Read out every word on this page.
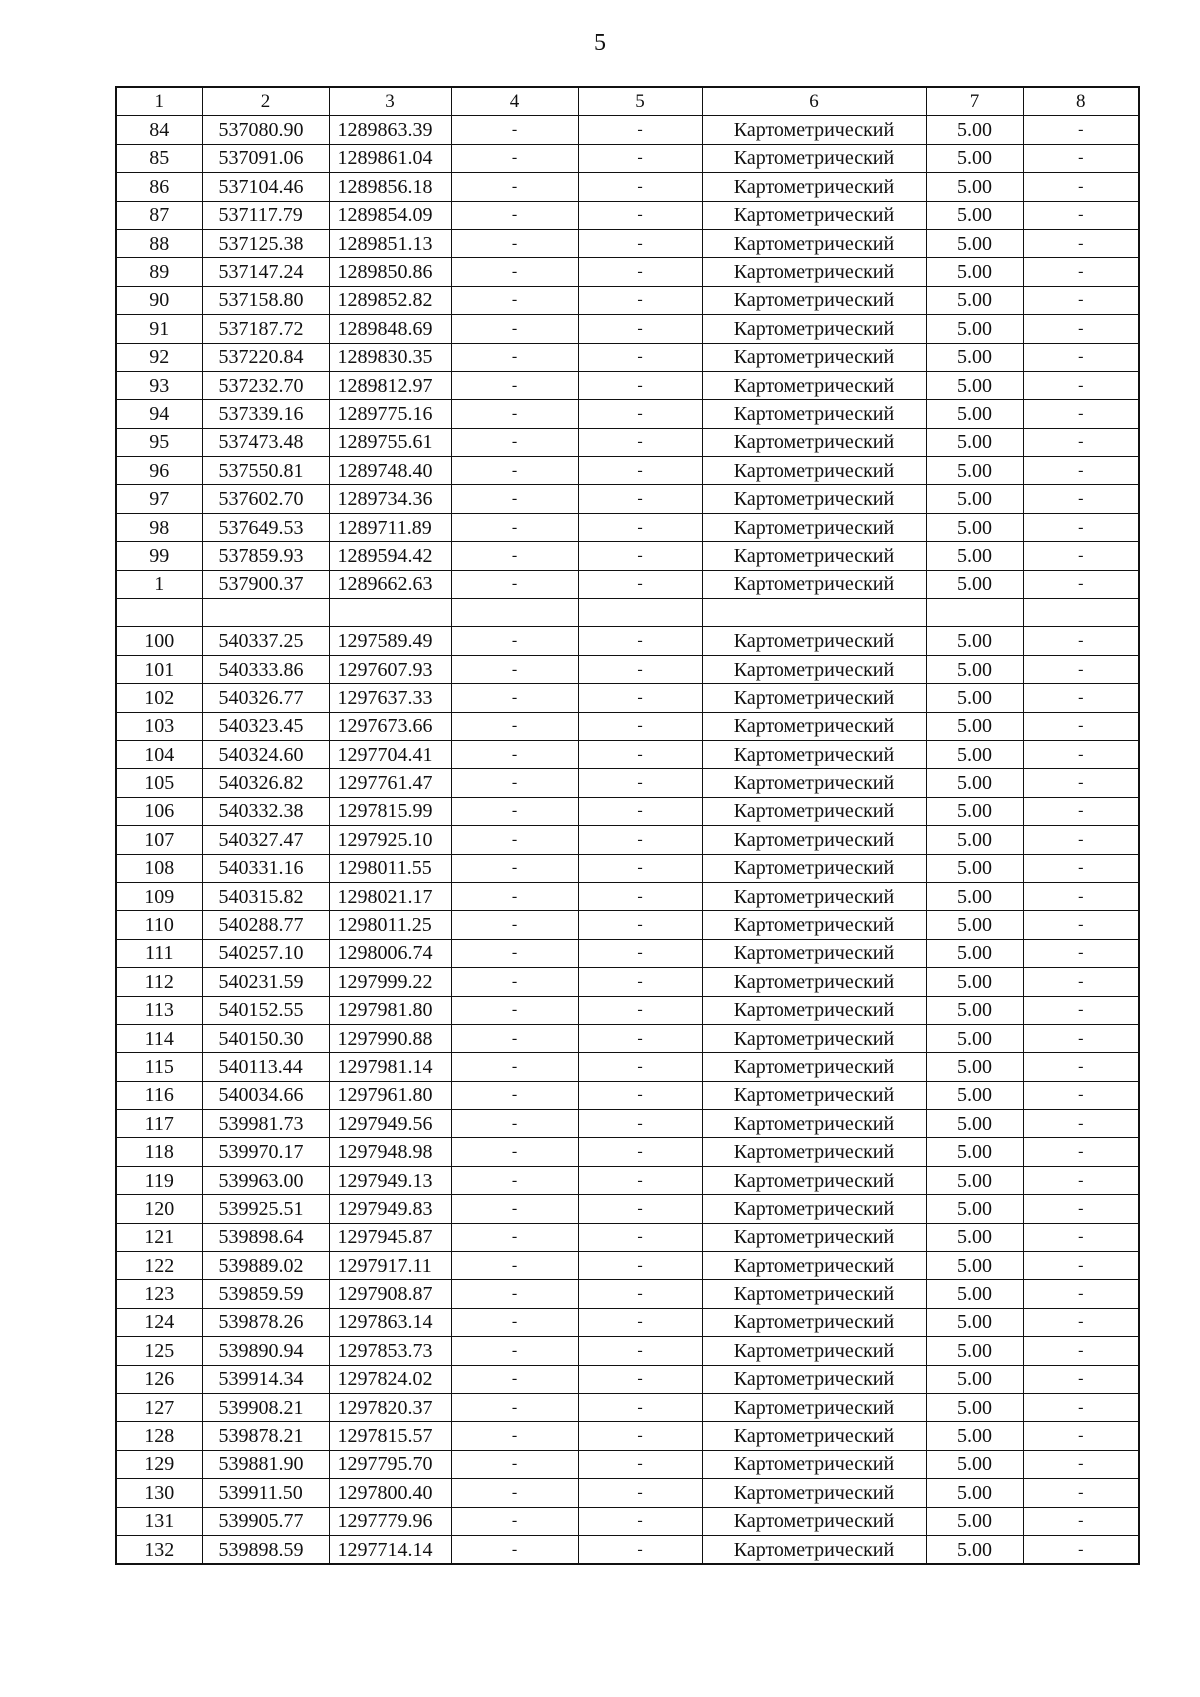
5
1	2	3	4	5	6	7	8
84	537080.90	1289863.39	-	-	Картометрический	5.00	-
85	537091.06	1289861.04	-	-	Картометрический	5.00	-
86	537104.46	1289856.18	-	-	Картометрический	5.00	-
87	537117.79	1289854.09	-	-	Картометрический	5.00	-
88	537125.38	1289851.13	-	-	Картометрический	5.00	-
89	537147.24	1289850.86	-	-	Картометрический	5.00	-
90	537158.80	1289852.82	-	-	Картометрический	5.00	-
91	537187.72	1289848.69	-	-	Картометрический	5.00	-
92	537220.84	1289830.35	-	-	Картометрический	5.00	-
93	537232.70	1289812.97	-	-	Картометрический	5.00	-
94	537339.16	1289775.16	-	-	Картометрический	5.00	-
95	537473.48	1289755.61	-	-	Картометрический	5.00	-
96	537550.81	1289748.40	-	-	Картометрический	5.00	-
97	537602.70	1289734.36	-	-	Картометрический	5.00	-
98	537649.53	1289711.89	-	-	Картометрический	5.00	-
99	537859.93	1289594.42	-	-	Картометрический	5.00	-
1	537900.37	1289662.63	-	-	Картометрический	5.00	-

100	540337.25	1297589.49	-	-	Картометрический	5.00	-
101	540333.86	1297607.93	-	-	Картометрический	5.00	-
102	540326.77	1297637.33	-	-	Картометрический	5.00	-
103	540323.45	1297673.66	-	-	Картометрический	5.00	-
104	540324.60	1297704.41	-	-	Картометрический	5.00	-
105	540326.82	1297761.47	-	-	Картометрический	5.00	-
106	540332.38	1297815.99	-	-	Картометрический	5.00	-
107	540327.47	1297925.10	-	-	Картометрический	5.00	-
108	540331.16	1298011.55	-	-	Картометрический	5.00	-
109	540315.82	1298021.17	-	-	Картометрический	5.00	-
110	540288.77	1298011.25	-	-	Картометрический	5.00	-
111	540257.10	1298006.74	-	-	Картометрический	5.00	-
112	540231.59	1297999.22	-	-	Картометрический	5.00	-
113	540152.55	1297981.80	-	-	Картометрический	5.00	-
114	540150.30	1297990.88	-	-	Картометрический	5.00	-
115	540113.44	1297981.14	-	-	Картометрический	5.00	-
116	540034.66	1297961.80	-	-	Картометрический	5.00	-
117	539981.73	1297949.56	-	-	Картометрический	5.00	-
118	539970.17	1297948.98	-	-	Картометрический	5.00	-
119	539963.00	1297949.13	-	-	Картометрический	5.00	-
120	539925.51	1297949.83	-	-	Картометрический	5.00	-
121	539898.64	1297945.87	-	-	Картометрический	5.00	-
122	539889.02	1297917.11	-	-	Картометрический	5.00	-
123	539859.59	1297908.87	-	-	Картометрический	5.00	-
124	539878.26	1297863.14	-	-	Картометрический	5.00	-
125	539890.94	1297853.73	-	-	Картометрический	5.00	-
126	539914.34	1297824.02	-	-	Картометрический	5.00	-
127	539908.21	1297820.37	-	-	Картометрический	5.00	-
128	539878.21	1297815.57	-	-	Картометрический	5.00	-
129	539881.90	1297795.70	-	-	Картометрический	5.00	-
130	539911.50	1297800.40	-	-	Картометрический	5.00	-
131	539905.77	1297779.96	-	-	Картометрический	5.00	-
132	539898.59	1297714.14	-	-	Картометрический	5.00	-
